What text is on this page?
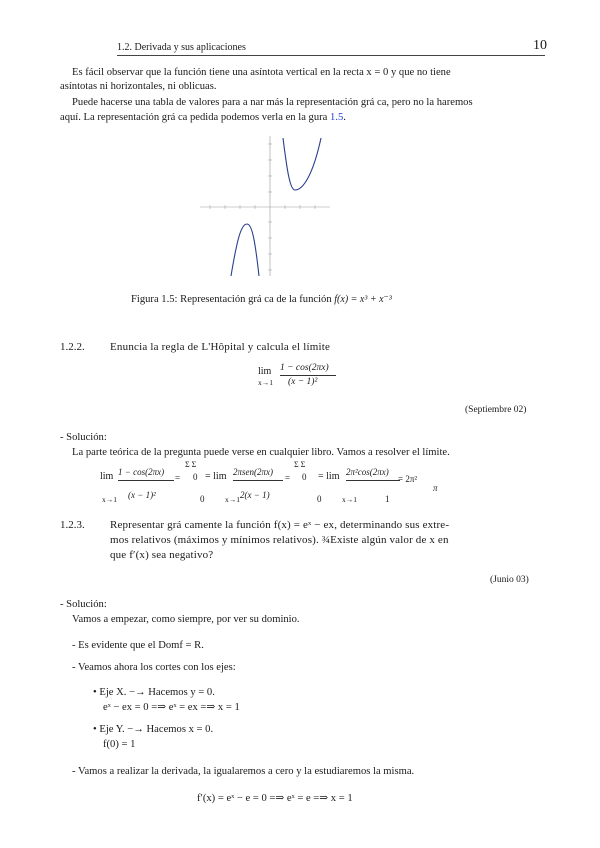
1.2. Derivada y sus aplicaciones	10
Es fácil observar que la función tiene una asíntota vertical en la recta x = 0 y que no tiene
asíntotas ni horizontales, ni oblicuas.
Puede hacerse una tabla de valores para a nar más la representación grá ca, pero no la haremos
aquí. La representación grá ca pedida podemos verla en la gura 1.5.
Figura 1.5: Representación grá ca de la función f(x) = x³ + x⁻³
1.2.2. Enuncia la regla de L'Hôpital y calcula el límite
lim
x→1
1 − cos(2πx)
(x − 1)²
(Septiembre 02)
- Solución:
La parte teórica de la pregunta puede verse en cualquier libro. Vamos a resolver el límite.
lim 1 − cos(2πx)
(x − 1)²
x→1
=
Σ Σ
0
0
= lim 2πsen(2πx)
2(x − 1)
x→1
=
Σ Σ
0
0
= lim 2π²cos(2πx)
1
x→1
= 2π²
π
1.2.3. Representar grá camente la función f(x) = eˣ − ex, determinando sus extre-
mos relativos (máximos y mínimos relativos). ¾Existe algún valor de x en
que f′(x) sea negativo?
(Junio 03)
- Solución:
Vamos a empezar, como siempre, por ver su dominio.
- Es evidente que el Domf = R.
- Veamos ahora los cortes con los ejes:
• Eje X. −→ Hacemos y = 0.
eˣ − ex = 0 =⇒ eˣ = ex =⇒ x = 1
• Eje Y. −→ Hacemos x = 0.
f(0) = 1
- Vamos a realizar la derivada, la igualaremos a cero y la estudiaremos la misma.
f′(x) = eˣ − e = 0 =⇒ eˣ = e =⇒ x = 1
